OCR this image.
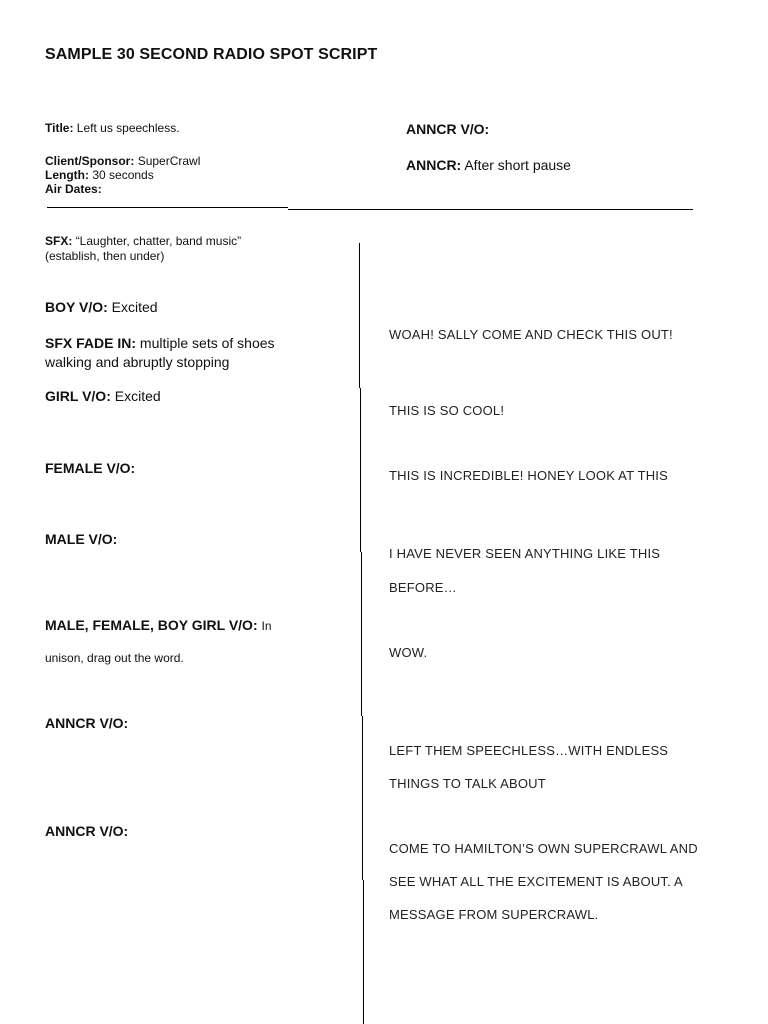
SAMPLE 30 SECOND RADIO SPOT SCRIPT
Title: Left us speechless.
Client/Sponsor: SuperCrawl
Length: 30 seconds
Air Dates:
ANNCR V/O:
ANNCR: After short pause
SFX: “Laughter, chatter, band music”
(establish, then under)
BOY V/O: Excited
SFX FADE IN: multiple sets of shoes
walking and abruptly stopping
GIRL V/O: Excited
FEMALE V/O:
MALE V/O:
MALE, FEMALE, BOY GIRL V/O: In
unison, drag out the word.
ANNCR V/O:
ANNCR V/O:
WOAH! SALLY COME AND CHECK THIS OUT!
THIS IS SO COOL!
THIS IS INCREDIBLE! HONEY LOOK AT THIS
I HAVE NEVER SEEN ANYTHING LIKE THIS
BEFORE…
WOW.
LEFT THEM SPEECHLESS…WITH ENDLESS
THINGS TO TALK ABOUT
COME TO HAMILTON’S OWN SUPERCRAWL AND
SEE WHAT ALL THE EXCITEMENT IS ABOUT. A
MESSAGE FROM SUPERCRAWL.
